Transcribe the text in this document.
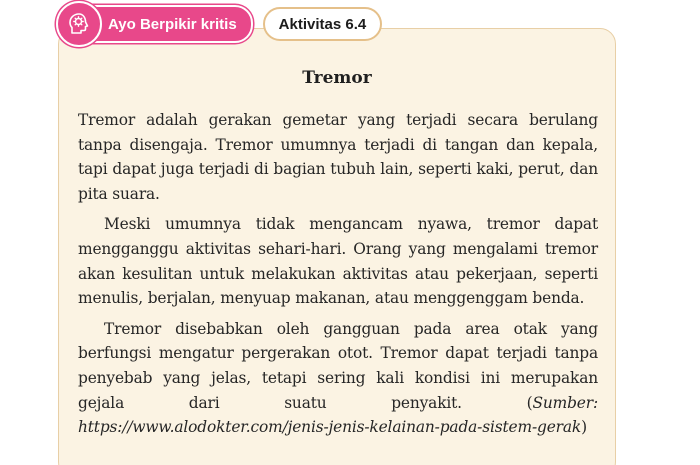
Ayo Berpikir kritis	Aktivitas 6.4
Tremor

Tremor adalah gerakan gemetar yang terjadi secara berulang tanpa disengaja. Tremor umumnya terjadi di tangan dan kepala, tapi dapat juga terjadi di bagian tubuh lain, seperti kaki, perut, dan pita suara.

Meski umumnya tidak mengancam nyawa, tremor dapat mengganggu aktivitas sehari-hari. Orang yang mengalami tremor akan kesulitan untuk melakukan aktivitas atau pekerjaan, seperti menulis, berjalan, menyuap makanan, atau menggenggam benda.

Tremor disebabkan oleh gangguan pada area otak yang berfungsi mengatur pergerakan otot. Tremor dapat terjadi tanpa penyebab yang jelas, tetapi sering kali kondisi ini merupakan gejala dari suatu penyakit.	(Sumber: https://www.alodokter.com/jenis-jenis-kelainan-pada-sistem-gerak)
